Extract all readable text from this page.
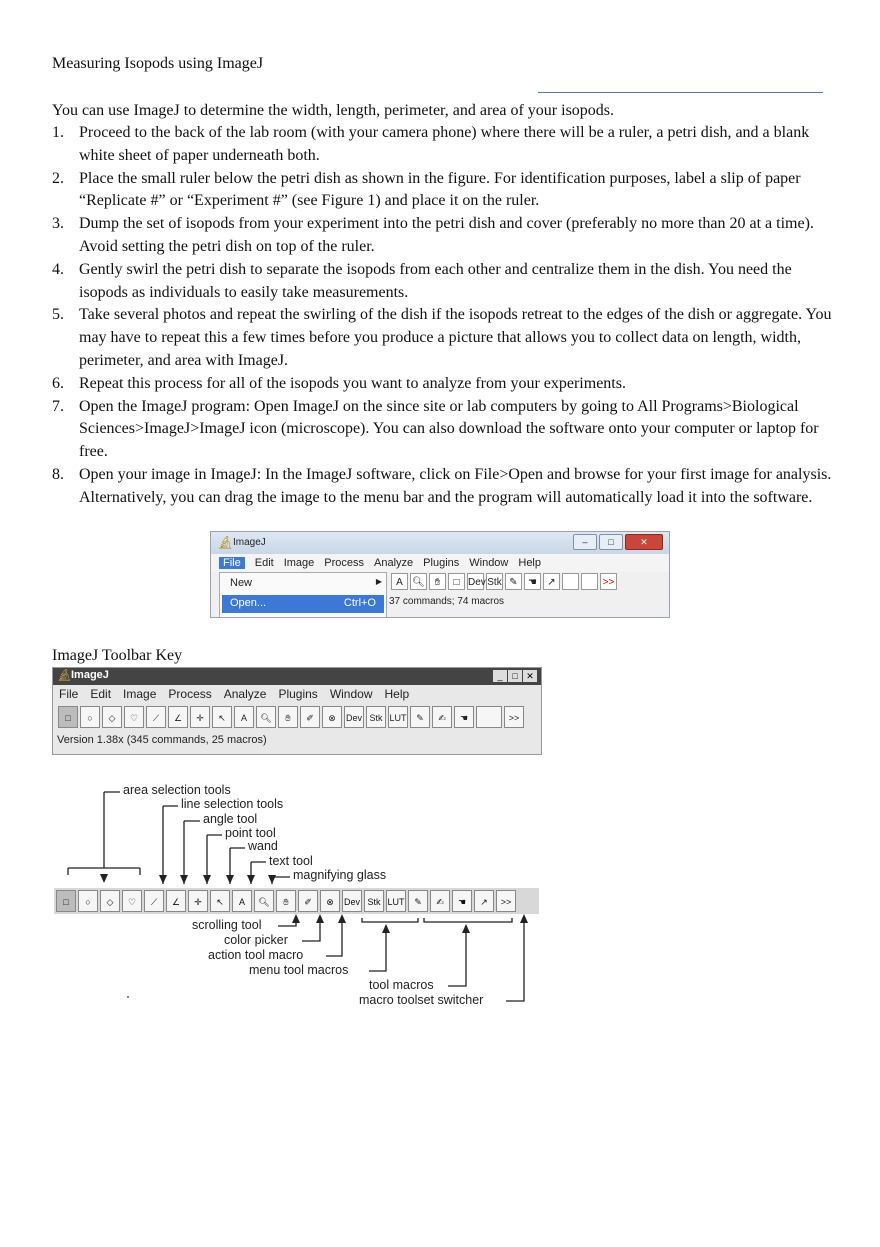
Measuring Isopods using ImageJ
You can use ImageJ to determine the width, length, perimeter, and area of your isopods.
1. Proceed to the back of the lab room (with your camera phone) where there will be a ruler, a petri dish, and a blank white sheet of paper underneath both.
2. Place the small ruler below the petri dish as shown in the figure. For identification purposes, label a slip of paper “Replicate #” or “Experiment #” (see Figure 1) and place it on the ruler.
3. Dump the set of isopods from your experiment into the petri dish and cover (preferably no more than 20 at a time). Avoid setting the petri dish on top of the ruler.
4. Gently swirl the petri dish to separate the isopods from each other and centralize them in the dish. You need the isopods as individuals to easily take measurements.
5. Take several photos and repeat the swirling of the dish if the isopods retreat to the edges of the dish or aggregate. You may have to repeat this a few times before you produce a picture that allows you to collect data on length, width, perimeter, and area with ImageJ.
6. Repeat this process for all of the isopods you want to analyze from your experiments.
7. Open the ImageJ program: Open ImageJ on the since site or lab computers by going to All Programs>Biological Sciences>ImageJ>ImageJ icon (microscope). You can also download the software onto your computer or laptop for free.
8. Open your image in ImageJ: In the ImageJ software, click on File>Open and browse for your first image for analysis. Alternatively, you can drag the image to the menu bar and the program will automatically load it into the software.
🔬︎ ImageJ	–	□	✕
File	Edit Image Process Analyze Plugins Window Help
New	▶
Open...	Ctrl+O
A 🔍︎ ✋︎	□ Dev Stk ✎	☚	↗	>>
37 commands; 74 macros
ImageJ Toolbar Key
🔬︎
ImageJ	_	□ ✕
File Edit Image Process Analyze Plugins Window Help
□	○	◇	♡	⟋	∠	✛	↖	A	🔍︎	✋︎	✐	⊗	Dev Stk LUT	✎	✍︎	☚	>>
Version 1.38x (345 commands, 25 macros)
area selection tools
line selection tools
angle tool
point tool
wand
text tool
magnifying glass
□	○	◇	♡	⟋	∠	✛	↖	A	🔍︎	✋︎	✐	⊗	Dev Stk LUT	✎	✍︎	☚	↗	>>
scrolling tool
color picker
action tool macro
menu tool macros
tool macros
macro toolset switcher
